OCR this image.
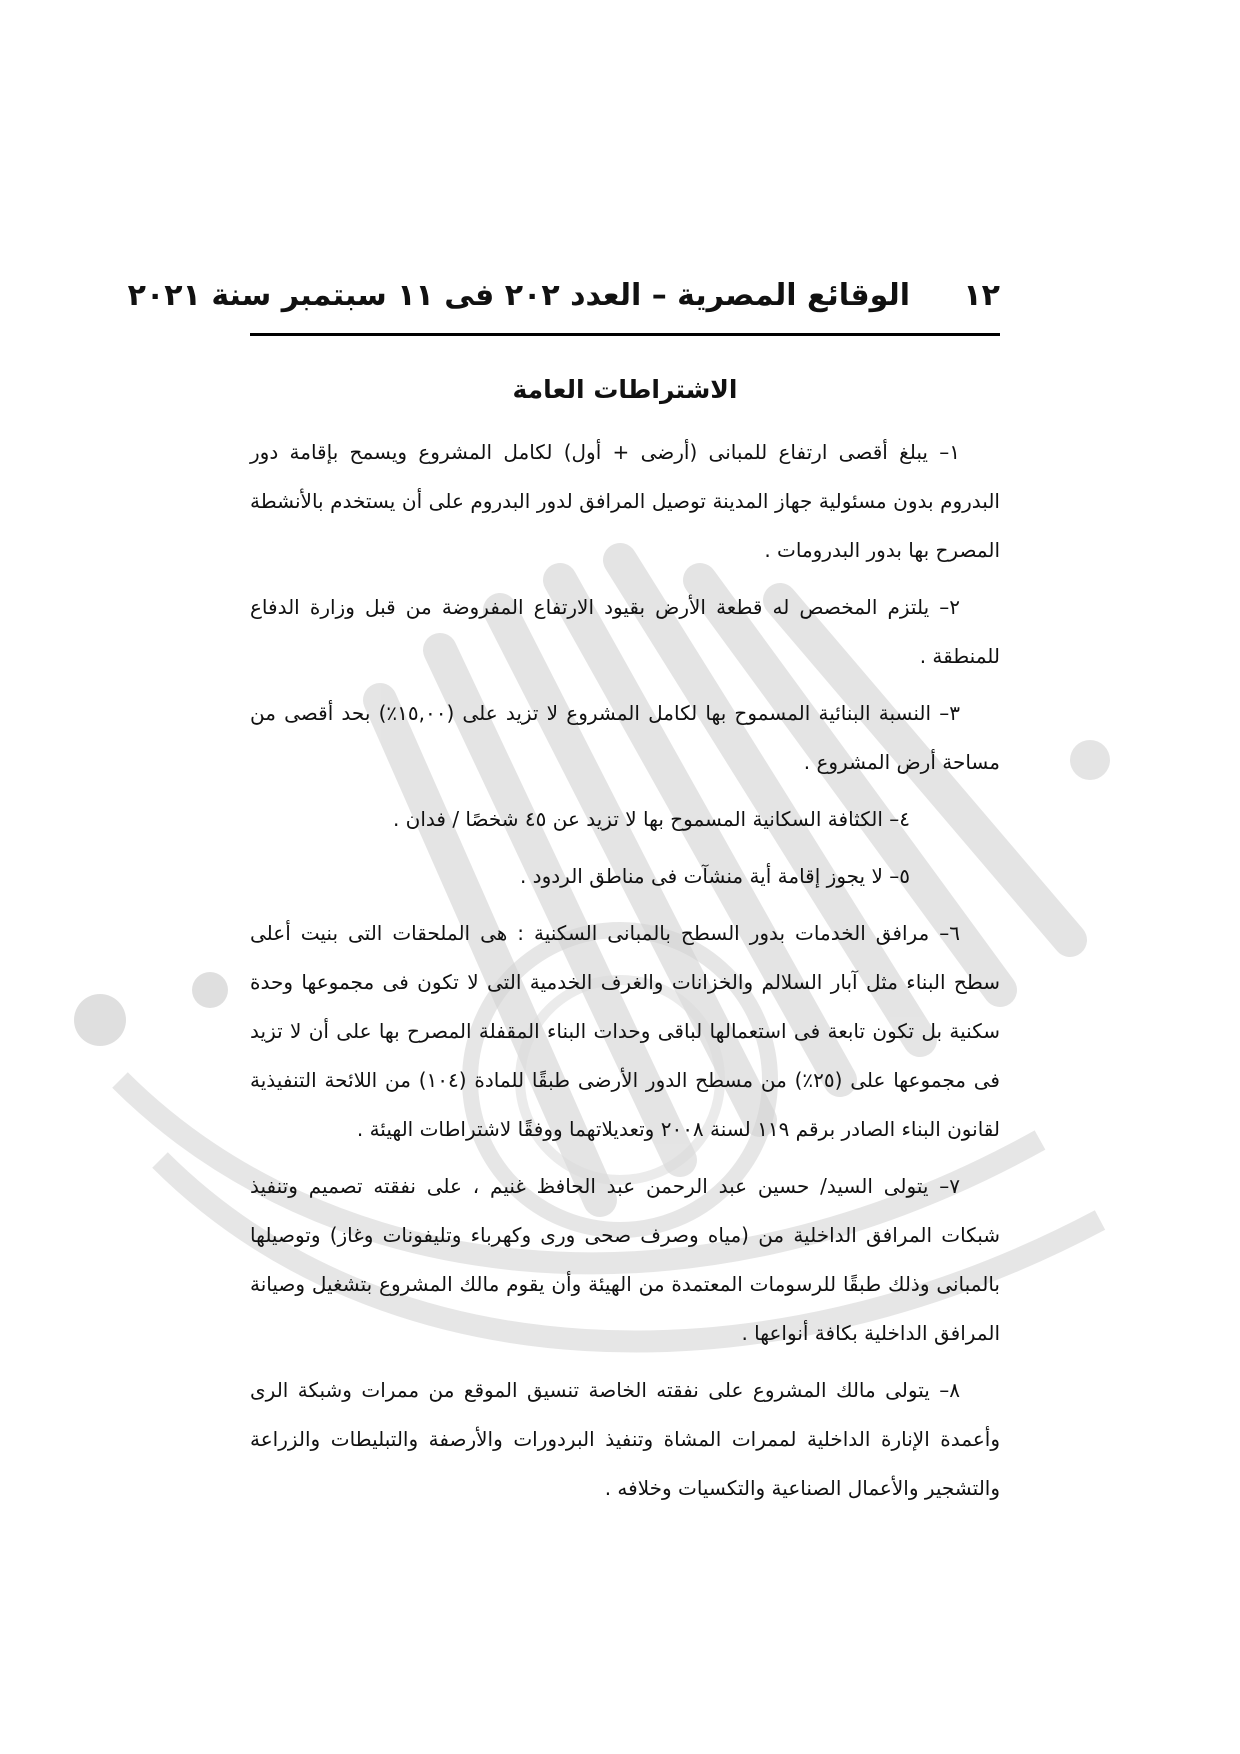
١٢
الوقائع المصرية – العدد ٢٠٢ فى ١١ سبتمبر سنة ٢٠٢١
الاشتراطات العامة

١– يبلغ أقصى ارتفاع للمبانى (أرضى + أول) لكامل المشروع ويسمح بإقامة دور البدروم بدون مسئولية جهاز المدينة توصيل المرافق لدور البدروم على أن يستخدم بالأنشطة المصرح بها بدور البدرومات .

٢– يلتزم المخصص له قطعة الأرض بقيود الارتفاع المفروضة من قبل وزارة الدفاع للمنطقة .

٣– النسبة البنائية المسموح بها لكامل المشروع لا تزيد على (١٥,٠٠٪) بحد أقصى من مساحة أرض المشروع .

٤– الكثافة السكانية المسموح بها لا تزيد عن ٤٥ شخصًا / فدان .

٥– لا يجوز إقامة أية منشآت فى مناطق الردود .

٦– مرافق الخدمات بدور السطح بالمبانى السكنية : هى الملحقات التى بنيت أعلى سطح البناء مثل آبار السلالم والخزانات والغرف الخدمية التى لا تكون فى مجموعها وحدة سكنية بل تكون تابعة فى استعمالها لباقى وحدات البناء المقفلة المصرح بها على أن لا تزيد فى مجموعها على (٢٥٪) من مسطح الدور الأرضى طبقًا للمادة (١٠٤) من اللائحة التنفيذية لقانون البناء الصادر برقم ١١٩ لسنة ٢٠٠٨ وتعديلاتهما ووفقًا لاشتراطات الهيئة .

٧– يتولى السيد/ حسين عبد الرحمن عبد الحافظ غنيم ، على نفقته تصميم وتنفيذ شبكات المرافق الداخلية من (مياه وصرف صحى ورى وكهرباء وتليفونات وغاز) وتوصيلها بالمبانى وذلك طبقًا للرسومات المعتمدة من الهيئة وأن يقوم مالك المشروع بتشغيل وصيانة المرافق الداخلية بكافة أنواعها .

٨– يتولى مالك المشروع على نفقته الخاصة تنسيق الموقع من ممرات وشبكة الرى وأعمدة الإنارة الداخلية لممرات المشاة وتنفيذ البردورات والأرصفة والتبليطات والزراعة والتشجير والأعمال الصناعية والتكسيات وخلافه .
